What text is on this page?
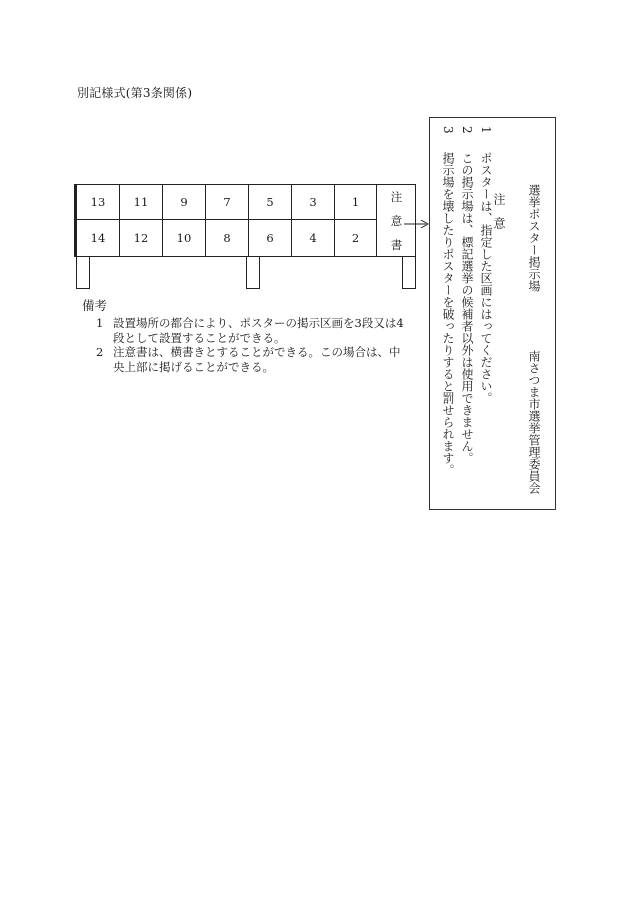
別記様式(第3条関係)
13	11	9	7	5	3	1
14	12	10	8	6	4	2
注
意
書
備考
1 設置場所の都合により、ポスターの掲示区画を3段又は4
段として設置することができる。
2 注意書は、横書きとすることができる。この場合は、中
央上部に掲げることができる。
選挙ポスター掲示場
南さつま市選挙管理委員会
注　意
1
ポスターは、指定した区画にはってください。
2
この掲示場は、標記選挙の候補者以外は使用できません。
3
掲示場を壊したりポスターを破ったりすると罰せられます。
